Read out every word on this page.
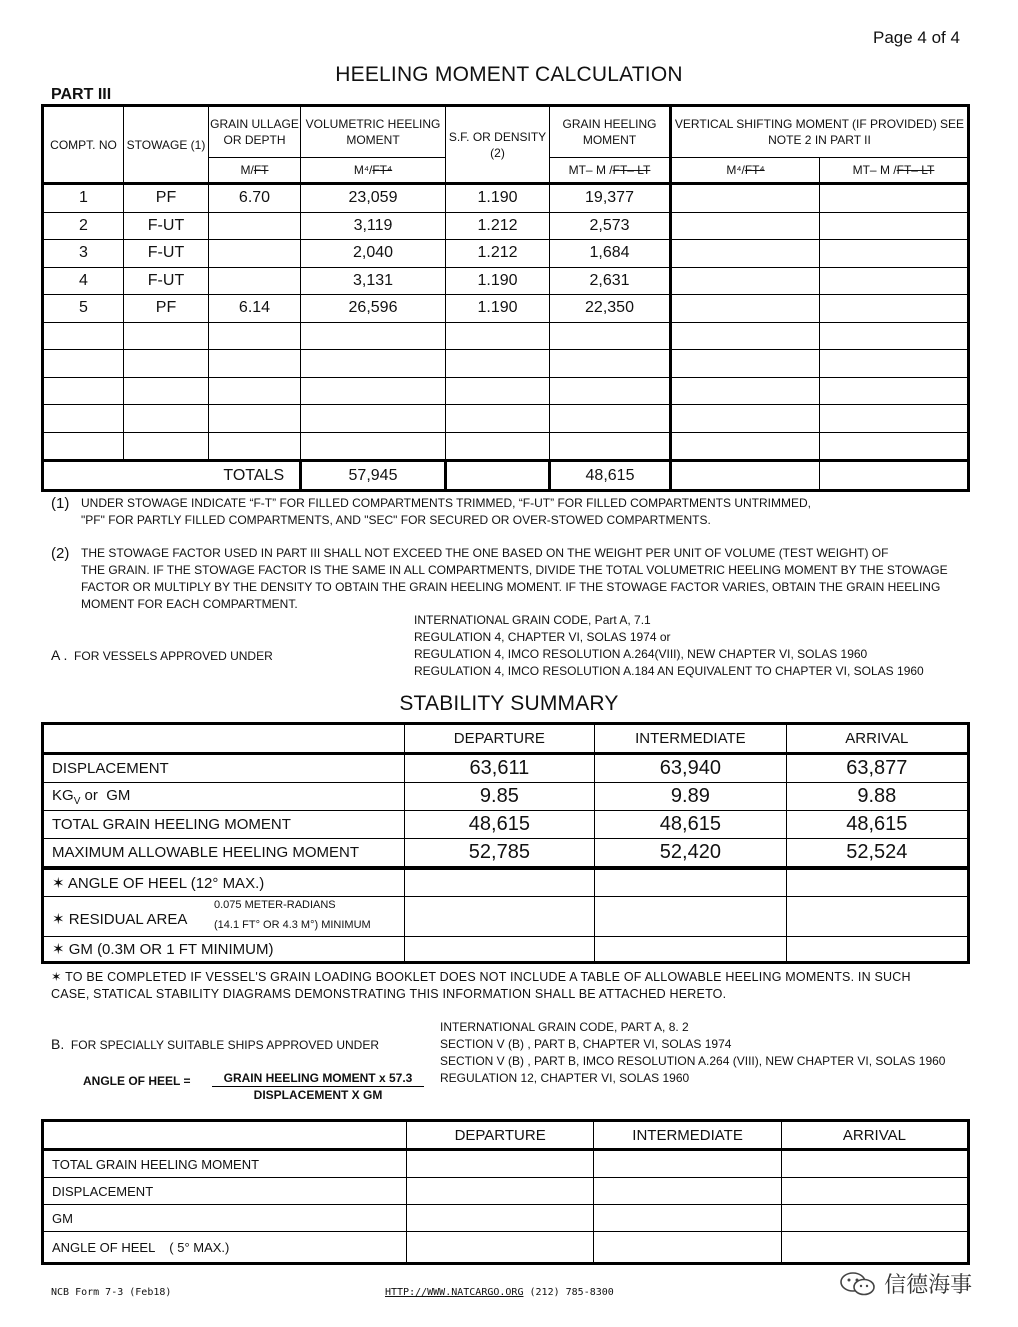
Page 4 of 4
HEELING MOMENT CALCULATION
PART III
COMPT. NO	STOWAGE (1)	GRAIN ULLAGE OR DEPTH	VOLUMETRIC HEELING MOMENT	S.F. OR DENSITY (2)	GRAIN HEELING MOMENT	VERTICAL SHIFTING MOMENT (IF PROVIDED) SEE NOTE 2 IN PART II	
		M/FT	M⁴/FT⁴		MT– M /FT– LT	M⁴/FT⁴	MT– M /FT– LT
1	PF	6.70	23,059	1.190	19,377		
2	F-UT		3,119	1.212	2,573		
3	F-UT		2,040	1.212	1,684		
4	F-UT		3,131	1.190	2,631		
5	PF	6.14	26,596	1.190	22,350		

		TOTALS	57,945		48,615		
(1) UNDER STOWAGE INDICATE “F-T” FOR FILLED COMPARTMENTS TRIMMED, “F-UT” FOR FILLED COMPARTMENTS UNTRIMMED,
"PF" FOR PARTLY FILLED COMPARTMENTS, AND "SEC" FOR SECURED OR OVER-STOWED COMPARTMENTS.
(2) THE STOWAGE FACTOR USED IN PART III SHALL NOT EXCEED THE ONE BASED ON THE WEIGHT PER UNIT OF VOLUME (TEST WEIGHT) OF
THE GRAIN. IF THE STOWAGE FACTOR IS THE SAME IN ALL COMPARTMENTS, DIVIDE THE TOTAL VOLUMETRIC HEELING MOMENT BY THE STOWAGE
FACTOR OR MULTIPLY BY THE DENSITY TO OBTAIN THE GRAIN HEELING MOMENT. IF THE STOWAGE FACTOR VARIES, OBTAIN THE GRAIN HEELING
MOMENT FOR EACH COMPARTMENT.
A . FOR VESSELS APPROVED UNDER
INTERNATIONAL GRAIN CODE, Part A, 7.1
REGULATION 4, CHAPTER VI, SOLAS 1974 or
REGULATION 4, IMCO RESOLUTION A.264(VIII), NEW CHAPTER VI, SOLAS 1960
REGULATION 4, IMCO RESOLUTION A.184 AN EQUIVALENT TO CHAPTER VI, SOLAS 1960
STABILITY SUMMARY
	DEPARTURE	INTERMEDIATE	ARRIVAL
DISPLACEMENT	63,611	63,940	63,877
$KG_V$ or  GM	9.85	9.89	9.88
TOTAL GRAIN HEELING MOMENT	48,615	48,615	48,615
MAXIMUM ALLOWABLE HEELING MOMENT	52,785	52,420	52,524
✶ ANGLE OF HEEL (12° MAX.)			

✶ RESIDUAL AREA
0.075 METER-RADIANS
(14.1 FT° OR 4.3 M°) MINIMUM			

✶ GM (0.3M OR 1 FT MINIMUM)			
✶ TO BE COMPLETED IF VESSEL'S GRAIN LOADING BOOKLET DOES NOT INCLUDE A TABLE OF ALLOWABLE HEELING MOMENTS. IN SUCH
CASE, STATICAL STABILITY DIAGRAMS DEMONSTRATING THIS INFORMATION SHALL BE ATTACHED HERETO.
B. FOR SPECIALLY SUITABLE SHIPS APPROVED UNDER
INTERNATIONAL GRAIN CODE, PART A, 8. 2
SECTION V (B) , PART B, CHAPTER VI, SOLAS 1974
SECTION V (B) , PART B, IMCO RESOLUTION A.264 (VIII), NEW CHAPTER VI, SOLAS 1960
REGULATION 12, CHAPTER VI, SOLAS 1960
ANGLE OF HEEL =	GRAIN HEELING MOMENT x 57.3
DISPLACEMENT X GM
	DEPARTURE	INTERMEDIATE	ARRIVAL
TOTAL GRAIN HEELING MOMENT			
DISPLACEMENT			
GM			
ANGLE OF HEEL    ( 5° MAX.)			
NCB Form 7-3 (Feb18)	HTTP://WWW.NATCARGO.ORG (212) 785-8300	信德海事
